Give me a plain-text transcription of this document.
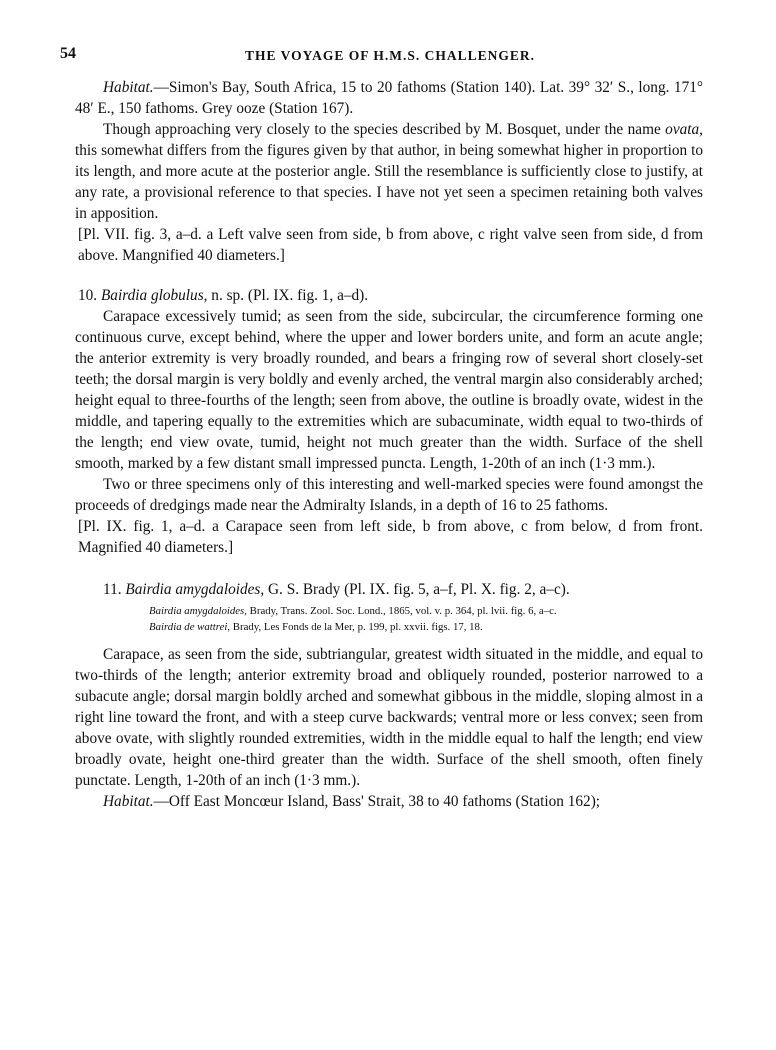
54	THE VOYAGE OF H.M.S. CHALLENGER.

Habitat.—Simon's Bay, South Africa, 15 to 20 fathoms (Station 140). Lat. 39° 32′ S., long. 171° 48′ E., 150 fathoms. Grey ooze (Station 167).

Though approaching very closely to the species described by M. Bosquet, under the name ovata, this somewhat differs from the figures given by that author, in being somewhat higher in proportion to its length, and more acute at the posterior angle. Still the resemblance is sufficiently close to justify, at any rate, a provisional reference to that species. I have not yet seen a specimen retaining both valves in apposition.

[Pl. VII. fig. 3, a–d. a Left valve seen from side, b from above, c right valve seen from side, d from above. Mangnified 40 diameters.]

10. Bairdia globulus, n. sp. (Pl. IX. fig. 1, a–d).

Carapace excessively tumid; as seen from the side, subcircular, the circumference forming one continuous curve, except behind, where the upper and lower borders unite, and form an acute angle; the anterior extremity is very broadly rounded, and bears a fringing row of several short closely-set teeth; the dorsal margin is very boldly and evenly arched, the ventral margin also considerably arched; height equal to three-fourths of the length; seen from above, the outline is broadly ovate, widest in the middle, and tapering equally to the extremities which are subacuminate, width equal to two-thirds of the length; end view ovate, tumid, height not much greater than the width. Surface of the shell smooth, marked by a few distant small impressed puncta. Length, 1-20th of an inch (1·3 mm.).

Two or three specimens only of this interesting and well-marked species were found amongst the proceeds of dredgings made near the Admiralty Islands, in a depth of 16 to 25 fathoms.

[Pl. IX. fig. 1, a–d. a Carapace seen from left side, b from above, c from below, d from front. Magnified 40 diameters.]

11. Bairdia amygdaloides, G. S. Brady (Pl. IX. fig. 5, a–f, Pl. X. fig. 2, a–c).

Bairdia amygdaloides, Brady, Trans. Zool. Soc. Lond., 1865, vol. v. p. 364, pl. lvii. fig. 6, a–c.
Bairdia de wattrei, Brady, Les Fonds de la Mer, p. 199, pl. xxvii. figs. 17, 18.

Carapace, as seen from the side, subtriangular, greatest width situated in the middle, and equal to two-thirds of the length; anterior extremity broad and obliquely rounded, posterior narrowed to a subacute angle; dorsal margin boldly arched and somewhat gibbous in the middle, sloping almost in a right line toward the front, and with a steep curve backwards; ventral more or less convex; seen from above ovate, with slightly rounded extremities, width in the middle equal to half the length; end view broadly ovate, height one-third greater than the width. Surface of the shell smooth, often finely punctate. Length, 1-20th of an inch (1·3 mm.).

Habitat.—Off East Moncœur Island, Bass' Strait, 38 to 40 fathoms (Station 162);
